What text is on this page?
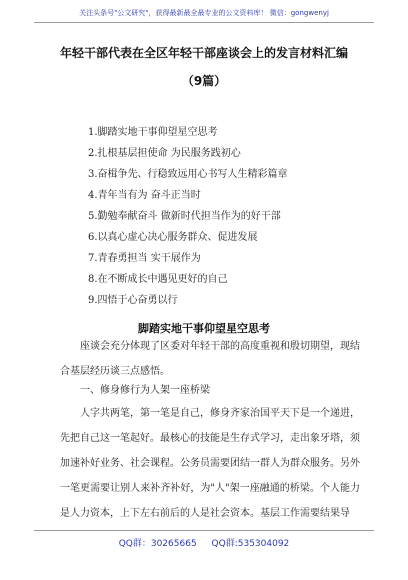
关注头条号"公文研究"，获得最新最全最专业的公文资料库！ 微信：gongwenyj
年轻干部代表在全区年轻干部座谈会上的发言材料汇编
（9篇）
1.脚踏实地干事仰望星空思考
2.扎根基层担使命 为民服务践初心
3.奋楫争先、行稳致远用心书写人生精彩篇章
4.青年当有为 奋斗正当时
5.勤勉奉献奋斗 做新时代担当作为的好干部
6.以真心虚心决心服务群众、促进发展
7.青春勇担当 实干展作为
8.在不断成长中遇见更好的自己
9.四悟于心奋勇以行
脚踏实地干事仰望星空思考

座谈会充分体现了区委对年轻干部的高度重视和殷切期望，现结合基层经历谈三点感悟。

一、修身修行为人架一座桥梁

人字共两笔，第一笔是自己，修身齐家治国平天下是一个递进，先把自己这一笔起好。最核心的技能是生存式学习，走出象牙塔，须加速补好业务、社会课程。公务员需要团结一群人为群众服务。另外一笔更需要让别人来补齐补好，为"人"架一座融通的桥梁。个人能力是人力资本，上下左右前后的人是社会资本。基层工作需要结果导

QQ群：30265665 QQ群:535304092
